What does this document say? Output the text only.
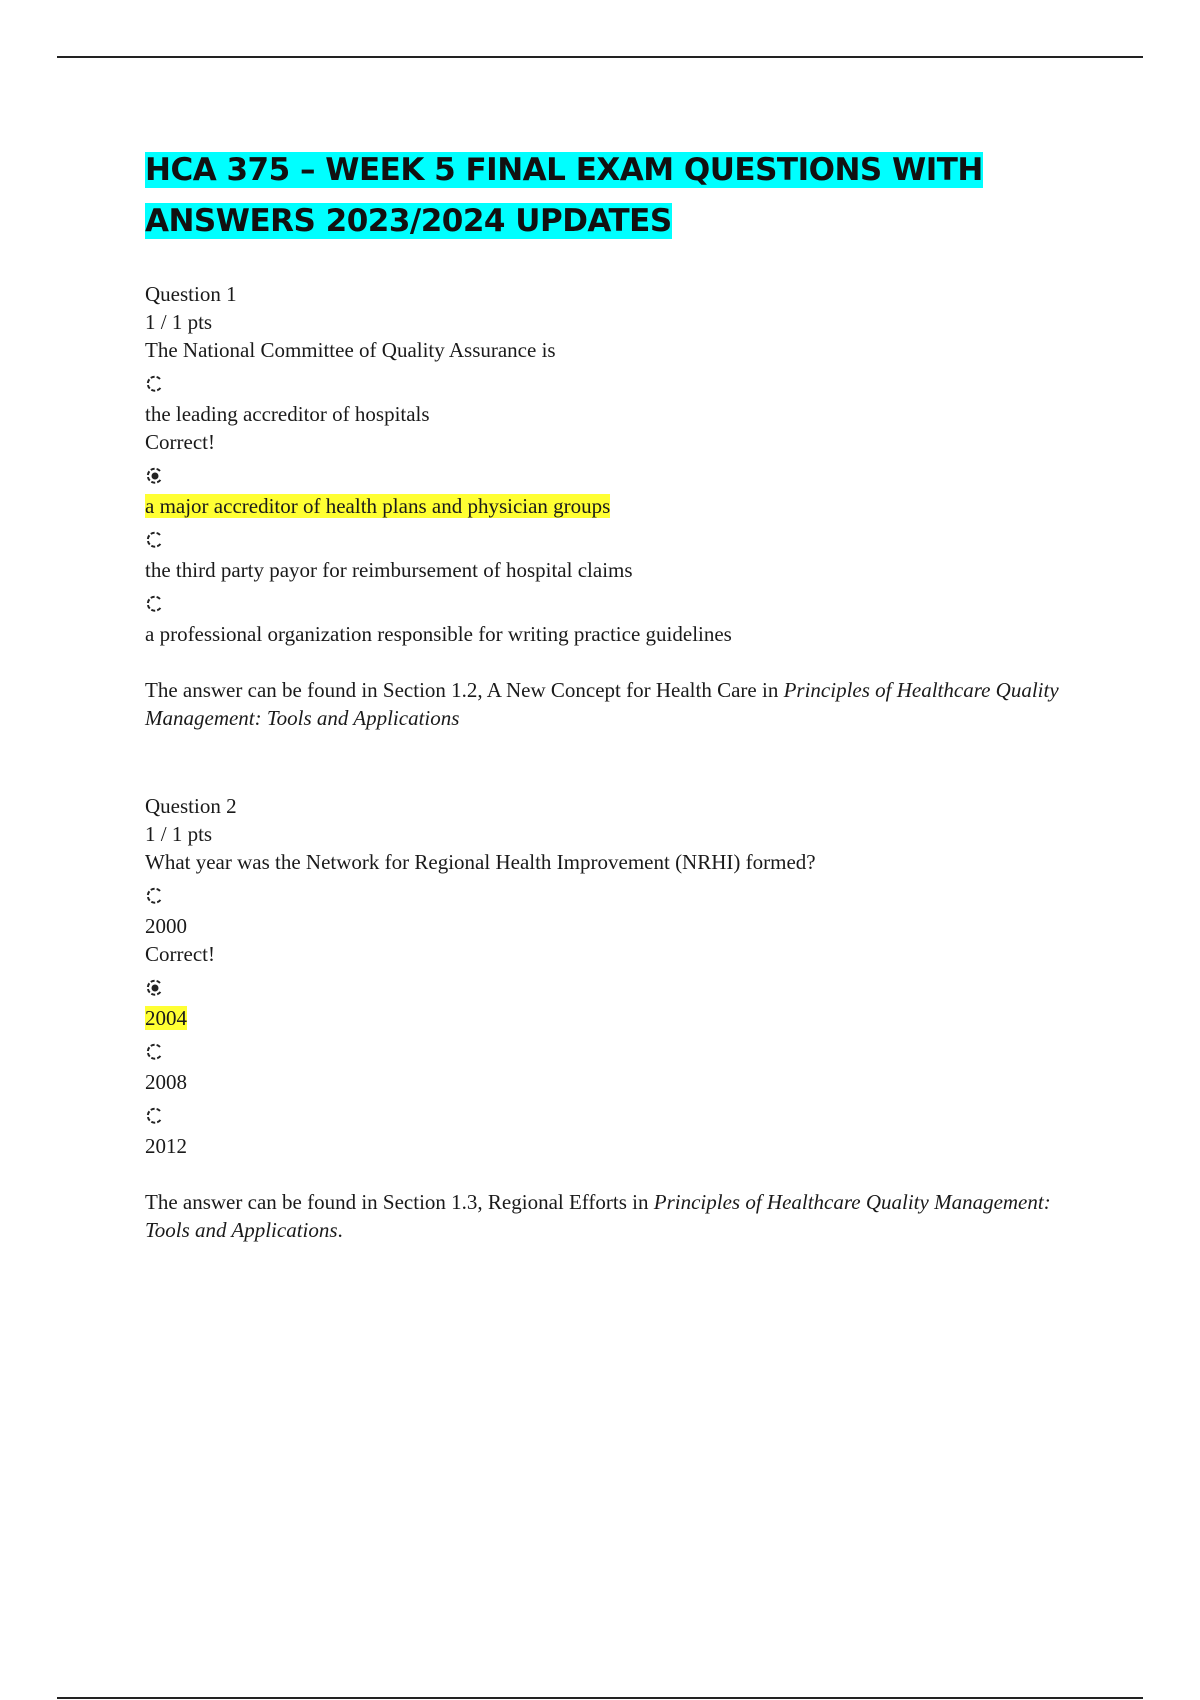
HCA 375 – WEEK 5 FINAL EXAM QUESTIONS WITH
ANSWERS 2023/2024 UPDATES

Question 1
1 / 1 pts
The National Committee of Quality Assurance is
the leading accreditor of hospitals
Correct!
a major accreditor of health plans and physician groups
the third party payor for reimbursement of hospital claims
a professional organization responsible for writing practice guidelines
The answer can be found in Section 1.2, A New Concept for Health Care in Principles of Healthcare Quality Management: Tools and Applications
Question 2
1 / 1 pts
What year was the Network for Regional Health Improvement (NRHI) formed?
2000
Correct!
2004
2008
2012
The answer can be found in Section 1.3, Regional Efforts in Principles of Healthcare Quality Management: Tools and Applications.
